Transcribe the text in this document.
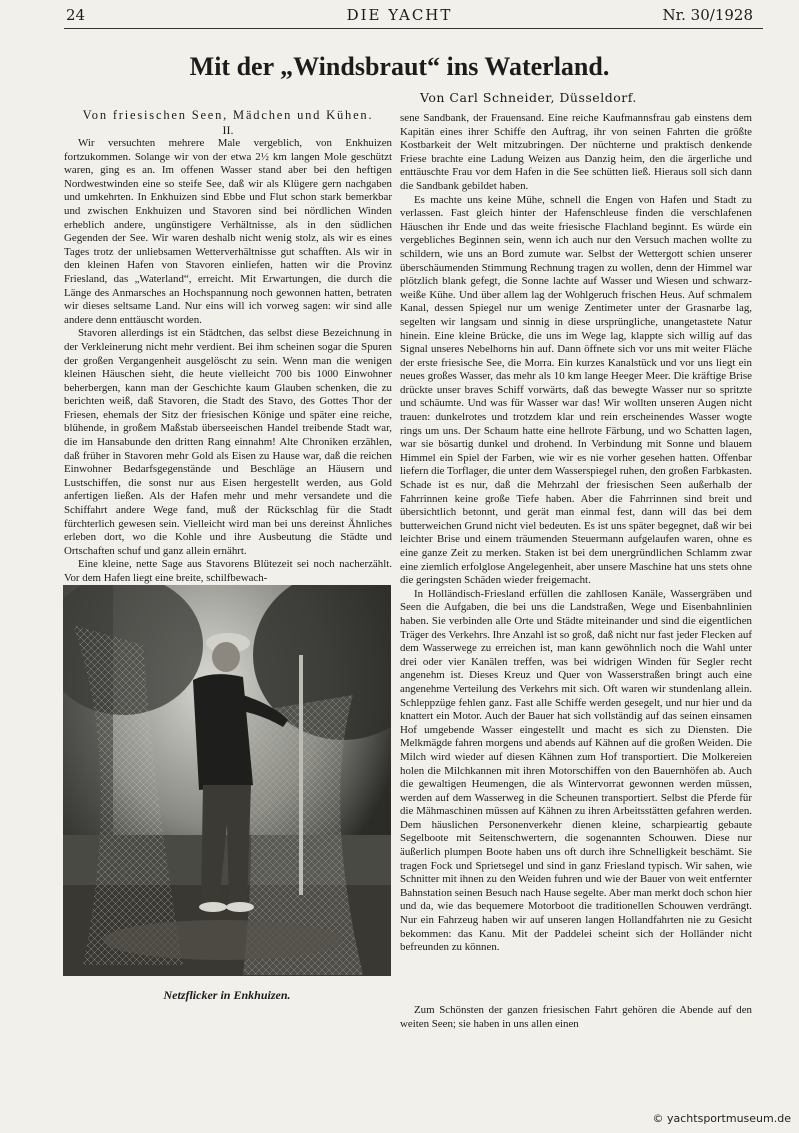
24	DIE YACHT	Nr. 30/1928
Mit der „Windsbraut“ ins Waterland.
Von Carl Schneider, Düsseldorf.

Von friesischen Seen, Mädchen und Kühen.

II.

Wir versuchten mehrere Male vergeblich, von Enkhuizen fortzukommen. Solange wir von der etwa 2½ km langen Mole geschützt waren, ging es an. Im offenen Wasser stand aber bei den heftigen Nordwestwinden eine so steife See, daß wir als Klügere gern nachgaben und umkehrten. In Enkhuizen sind Ebbe und Flut schon stark bemerkbar und zwischen Enkhuizen und Stavoren sind bei nördlichen Winden erheblich andere, ungünstigere Verhältnisse, als in den südlichen Gegenden der See. Wir waren deshalb nicht wenig stolz, als wir es eines Tages trotz der unliebsamen Wetterverhältnisse gut schafften. Als wir in den kleinen Hafen von Stavoren einliefen, hatten wir die Provinz Friesland, das „Waterland“, erreicht. Mit Erwartungen, die durch die Länge des Anmarsches an Hochspannung noch gewonnen hatten, betraten wir dieses seltsame Land. Nur eins will ich vorweg sagen: wir sind alle andere denn enttäuscht worden.

Stavoren allerdings ist ein Städtchen, das selbst diese Bezeichnung in der Verkleinerung nicht mehr verdient. Bei ihm scheinen sogar die Spuren der großen Vergangenheit ausgelöscht zu sein. Wenn man die wenigen kleinen Häuschen sieht, die heute vielleicht 700 bis 1000 Einwohner beherbergen, kann man der Geschichte kaum Glauben schenken, die zu berichten weiß, daß Stavoren, die Stadt des Stavo, des Gottes Thor der Friesen, ehemals der Sitz der friesischen Könige und später eine reiche, blühende, in großem Maßstab überseeischen Handel treibende Stadt war, die im Hansabunde den dritten Rang einnahm! Alte Chroniken erzählen, daß früher in Stavoren mehr Gold als Eisen zu Hause war, daß die reichen Einwohner Bedarfsgegenstände und Beschläge an Häusern und Lustschiffen, die sonst nur aus Eisen hergestellt werden, aus Gold anfertigen ließen. Als der Hafen mehr und mehr versandete und die Schiffahrt andere Wege fand, muß der Rückschlag für die Stadt fürchterlich gewesen sein. Vielleicht wird man bei uns dereinst Ähnliches erleben dort, wo die Kohle und ihre Ausbeutung die Städte und Ortschaften schuf und ganz allein ernährt.

Eine kleine, nette Sage aus Stavorens Blütezeit sei noch nacherzählt. Vor dem Hafen liegt eine breite, schilfbewach-

Netzflicker in Enkhuizen.

sene Sandbank, der Frauensand. Eine reiche Kaufmannsfrau gab einstens dem Kapitän eines ihrer Schiffe den Auftrag, ihr von seinen Fahrten die größte Kostbarkeit der Welt mitzubringen. Der nüchterne und praktisch denkende Friese brachte eine Ladung Weizen aus Danzig heim, den die ärgerliche und enttäuschte Frau vor dem Hafen in die See schütten ließ. Hieraus soll sich dann die Sandbank gebildet haben.

Es machte uns keine Mühe, schnell die Engen von Hafen und Stadt zu verlassen. Fast gleich hinter der Hafenschleuse finden die verschlafenen Häuschen ihr Ende und das weite friesische Flachland beginnt. Es würde ein vergebliches Beginnen sein, wenn ich auch nur den Versuch machen wollte zu schildern, wie uns an Bord zumute war. Selbst der Wettergott schien unserer überschäumenden Stimmung Rechnung tragen zu wollen, denn der Himmel war plötzlich blank gefegt, die Sonne lachte auf Wasser und Wiesen und schwarz-weiße Kühe. Und über allem lag der Wohlgeruch frischen Heus. Auf schmalem Kanal, dessen Spiegel nur um wenige Zentimeter unter der Grasnarbe lag, segelten wir langsam und sinnig in diese ursprüngliche, unangetastete Natur hinein. Eine kleine Brücke, die uns im Wege lag, klappte sich willig auf das Signal unseres Nebelhorns hin auf. Dann öffnete sich vor uns mit weiter Fläche der erste friesische See, die Morra. Ein kurzes Kanalstück und vor uns liegt ein neues großes Wasser, das mehr als 10 km lange Heeger Meer. Die kräftige Brise drückte unser braves Schiff vorwärts, daß das bewegte Wasser nur so spritzte und schäumte. Und was für Wasser war das! Wir wollten unseren Augen nicht trauen: dunkelrotes und trotzdem klar und rein erscheinendes Wasser wogte rings um uns. Der Schaum hatte eine hellrote Färbung, und wo Schatten lagen, war sie bösartig dunkel und drohend. In Verbindung mit Sonne und blauem Himmel ein Spiel der Farben, wie wir es nie vorher gesehen hatten. Offenbar liefern die Torflager, die unter dem Wasserspiegel ruhen, den großen Farbkasten. Schade ist es nur, daß die Mehrzahl der friesischen Seen außerhalb der Fahrrinnen keine große Tiefe haben. Aber die Fahrrinnen sind breit und übersichtlich betonnt, und gerät man einmal fest, dann will das bei dem butterweichen Grund nicht viel bedeuten. Es ist uns später begegnet, daß wir bei leichter Brise und einem träumenden Steuermann aufgelaufen waren, ohne es eine ganze Zeit zu merken. Staken ist bei dem unergründlichen Schlamm zwar eine ziemlich erfolglose Angelegenheit, aber unsere Maschine hat uns stets ohne die geringsten Schäden wieder freigemacht.

In Holländisch-Friesland erfüllen die zahllosen Kanäle, Wassergräben und Seen die Aufgaben, die bei uns die Landstraßen, Wege und Eisenbahnlinien haben. Sie verbinden alle Orte und Städte miteinander und sind die eigentlichen Träger des Verkehrs. Ihre Anzahl ist so groß, daß nicht nur fast jeder Flecken auf dem Wasserwege zu erreichen ist, man kann gewöhnlich noch die Wahl unter drei oder vier Kanälen treffen, was bei widrigen Winden für Segler recht angenehm ist. Dieses Kreuz und Quer von Wasserstraßen bringt auch eine angenehme Verteilung des Verkehrs mit sich. Oft waren wir stundenlang allein. Schleppzüge fehlen ganz. Fast alle Schiffe werden gesegelt, und nur hier und da knattert ein Motor. Auch der Bauer hat sich vollständig auf das seinen einsamen Hof umgebende Wasser eingestellt und macht es sich zu Diensten. Die Melkmägde fahren morgens und abends auf Kähnen auf die großen Weiden. Die Milch wird wieder auf diesen Kähnen zum Hof transportiert. Die Molkereien holen die Milchkannen mit ihren Motorschiffen von den Bauernhöfen ab. Auch die gewaltigen Heumengen, die als Wintervorrat gewonnen werden müssen, werden auf dem Wasserweg in die Scheunen transportiert. Selbst die Pferde für die Mähmaschinen müssen auf Kähnen zu ihren Arbeitsstätten gefahren werden. Dem häuslichen Personenverkehr dienen kleine, scharpieartig gebaute Segelboote mit Seitenschwertern, die sogenannten Schouwen. Diese nur äußerlich plumpen Boote haben uns oft durch ihre Schnelligkeit beschämt. Sie tragen Fock und Sprietsegel und sind in ganz Friesland typisch. Wir sahen, wie Schnitter mit ihnen zu den Weiden fuhren und wie der Bauer von weit entfernter Bahnstation seinen Besuch nach Hause segelte. Aber man merkt doch schon hier und da, wie das bequemere Motorboot die traditionellen Schouwen verdrängt. Nur ein Fahrzeug haben wir auf unseren langen Hollandfahrten nie zu Gesicht bekommen: das Kanu. Mit der Paddelei scheint sich der Holländer nicht befreunden zu können.

Zum Schönsten der ganzen friesischen Fahrt gehören die Abende auf den weiten Seen; sie haben in uns allen einen

© yachtsportmuseum.de
